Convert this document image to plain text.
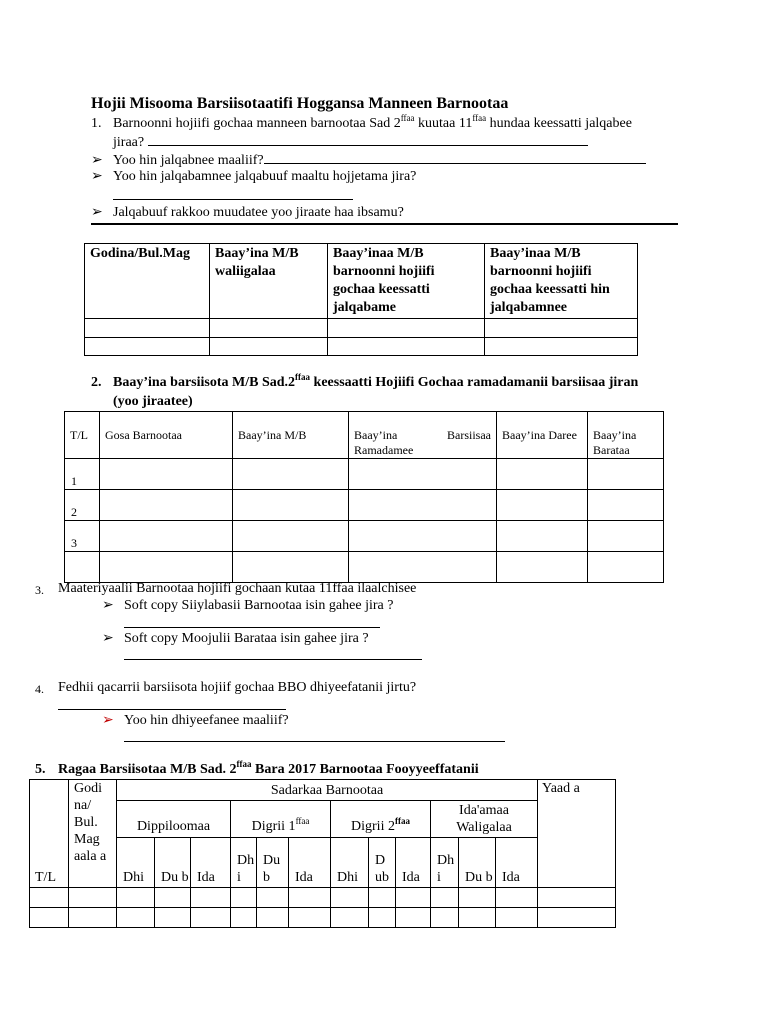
Hojii Misooma Barsiisotaatifi Hoggansa Manneen Barnootaa
1. Barnoonni hojiifi gochaa manneen barnootaa Sad $2^{ffaa}$ kuutaa $11^{ffaa}$ hundaa keessatti jalqabee
jiraa?
➢ Yoo hin jalqabnee maaliif?
➢ Yoo hin jalqabamnee jalqabuuf maaltu hojjetama jira?
➢ Jalqabuuf rakkoo muudatee yoo jiraate haa ibsamu?
Godina/Bul.Mag	Baay’ina M/B waliigalaa	Baay’inaa M/B barnoonni hojiifi gochaa keessatti jalqabame	Baay’inaa M/B barnoonni hojiifi gochaa keessatti hin jalqabamnee

2. Baay’ina barsiisota M/B $Sad.2^{ffaa}$ keessaatti Hojiifi Gochaa ramadamanii barsiisaa jiran
(yoo jiraatee)
T/L	Gosa Barnootaa	Baay’ina M/B	Baay’ina Barsiisaa Ramadamee	Baay’ina Daree	Baay’ina Barataa
1					
2					
3					

3. Maateriyaalii Barnootaa hojiifi gochaan kutaa 11ffaa ilaalchisee
➢ Soft copy Siiylabasii Barnootaa isin gahee jira ?
➢ Soft copy Moojulii Barataa isin gahee jira ?
4. Fedhii qacarrii barsiisota hojiif gochaa BBO dhiyeefatanii jirtu?
➢ Yoo hin dhiyeefanee maaliif?
5. Ragaa Barsiisotaa M/B Sad. $2^{ffaa}$ Bara 2017 Barnootaa Fooyyeeffatanii
T/L	Godi na/ Bul. Mag aala a	Sadarkaa Barnootaa												Yaad a
		Dippiloomaa			Digrii $1^{ffaa}$			Digrii $2^{ffaa}$			Ida'amaa Waligalaa			
		Dhi	Du b	Ida	Dh i	Du b	Ida	Dhi	D ub	Ida	Dh i	Du b	Ida	
